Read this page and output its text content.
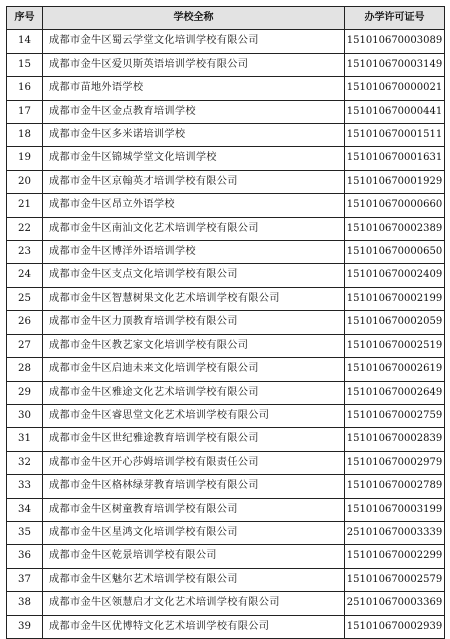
序号	学校全称	办学许可证号
14	成都市金牛区蜀云学堂文化培训学校有限公司	151010670003089
15	成都市金牛区爱贝斯英语培训学校有限公司	151010670003149
16	成都市苗地外语学校	151010670000021
17	成都市金牛区金点教育培训学校	151010670000441
18	成都市金牛区多米诺培训学校	151010670001511
19	成都市金牛区锦城学堂文化培训学校	151010670001631
20	成都市金牛区京翰英才培训学校有限公司	151010670001929
21	成都市金牛区昂立外语学校	151010670000660
22	成都市金牛区南汕文化艺术培训学校有限公司	151010670002389
23	成都市金牛区博洋外语培训学校	151010670000650
24	成都市金牛区支点文化培训学校有限公司	151010670002409
25	成都市金牛区智慧树果文化艺术培训学校有限公司	151010670002199
26	成都市金牛区力顶教育培训学校有限公司	151010670002059
27	成都市金牛区教艺家文化培训学校有限公司	151010670002519
28	成都市金牛区启迪未来文化培训学校有限公司	151010670002619
29	成都市金牛区雅途文化艺术培训学校有限公司	151010670002649
30	成都市金牛区睿思堂文化艺术培训学校有限公司	151010670002759
31	成都市金牛区世纪雅途教育培训学校有限公司	151010670002839
32	成都市金牛区开心莎姆培训学校有限责任公司	151010670002979
33	成都市金牛区格林绿芽教育培训学校有限公司	151010670002789
34	成都市金牛区树童教育培训学校有限公司	151010670003199
35	成都市金牛区星鸿文化培训学校有限公司	251010670003339
36	成都市金牛区乾景培训学校有限公司	151010670002299
37	成都市金牛区魅尔艺术培训学校有限公司	151010670002579
38	成都市金牛区领慧启才文化艺术培训学校有限公司	251010670003369
39	成都市金牛区优博特文化艺术培训学校有限公司	151010670002939
